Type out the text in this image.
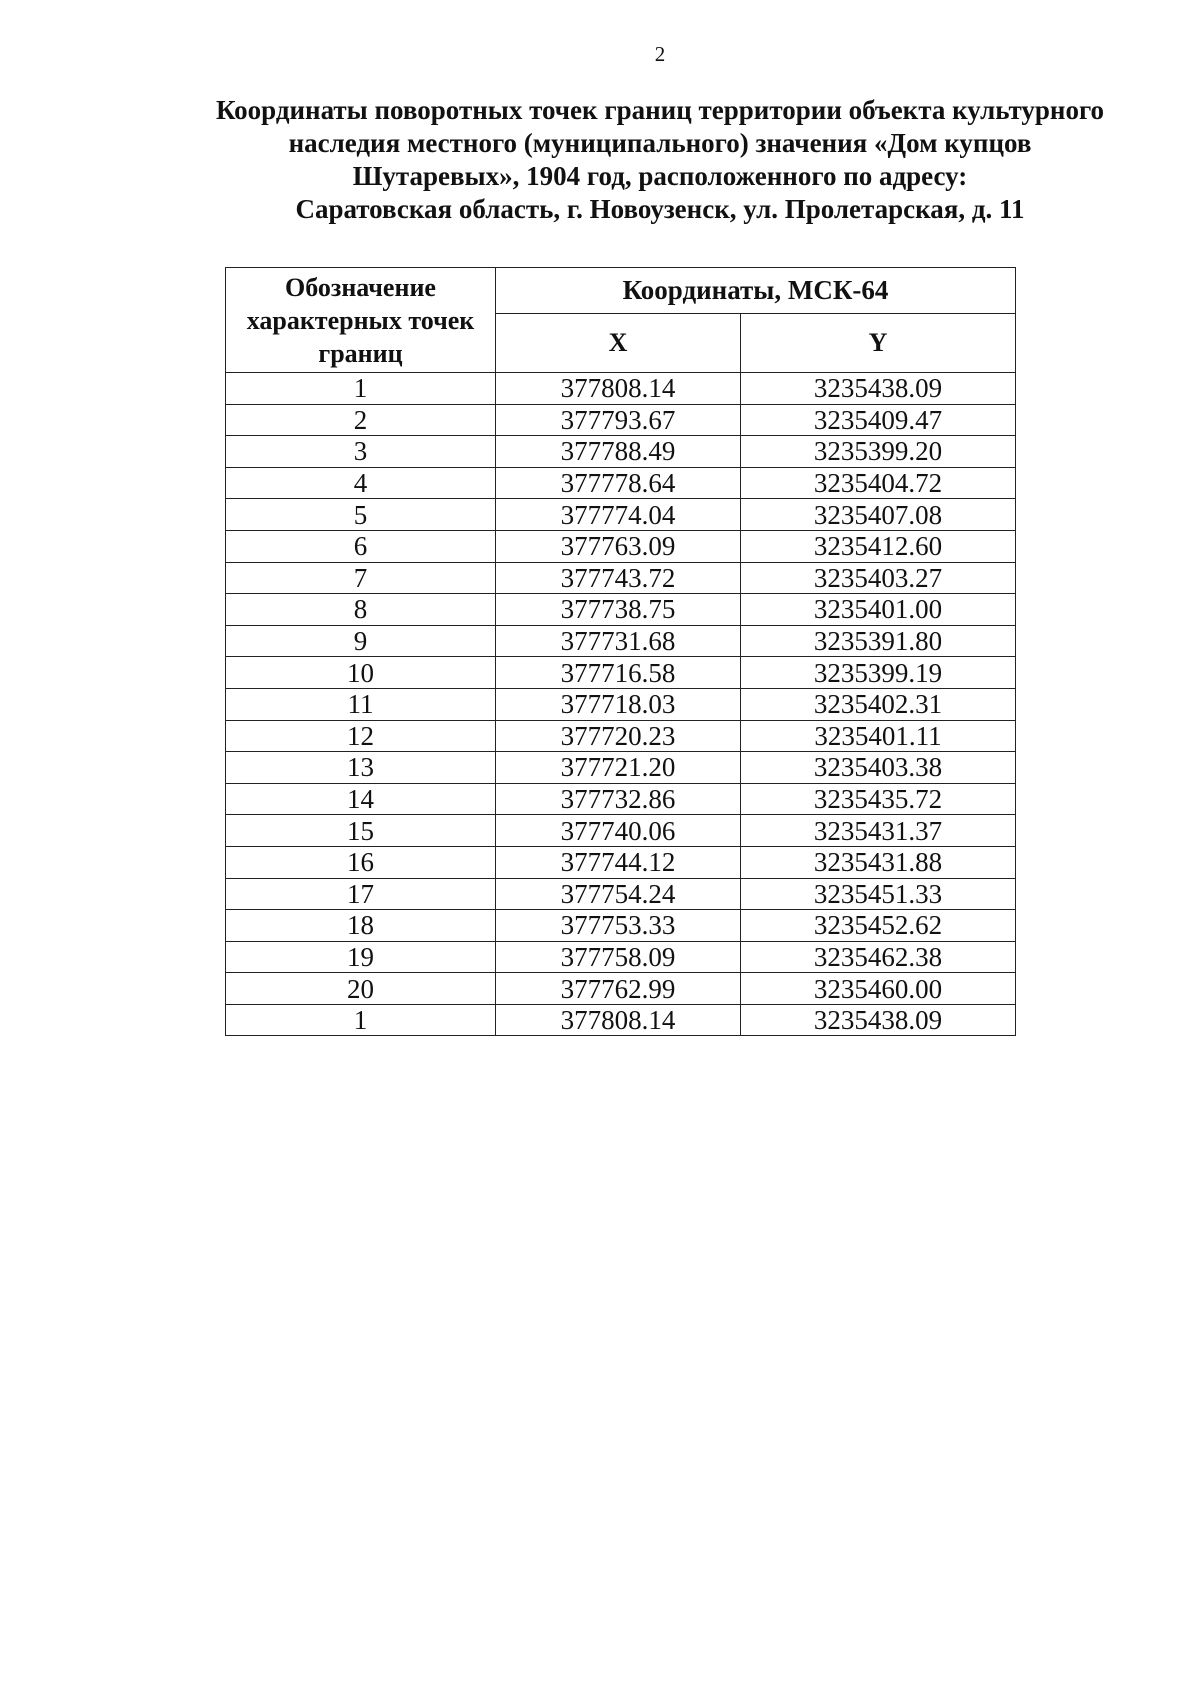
2
Координаты поворотных точек границ территории объекта культурного
наследия местного (муниципального) значения «Дом купцов
Шутаревых», 1904 год, расположенного по адресу:
Саратовская область, г. Новоузенск, ул. Пролетарская, д. 11
Обозначение характерных точек границ	Координаты, МСК-64	
	X	Y
1	377808.14	3235438.09
2	377793.67	3235409.47
3	377788.49	3235399.20
4	377778.64	3235404.72
5	377774.04	3235407.08
6	377763.09	3235412.60
7	377743.72	3235403.27
8	377738.75	3235401.00
9	377731.68	3235391.80
10	377716.58	3235399.19
11	377718.03	3235402.31
12	377720.23	3235401.11
13	377721.20	3235403.38
14	377732.86	3235435.72
15	377740.06	3235431.37
16	377744.12	3235431.88
17	377754.24	3235451.33
18	377753.33	3235452.62
19	377758.09	3235462.38
20	377762.99	3235460.00
1	377808.14	3235438.09
